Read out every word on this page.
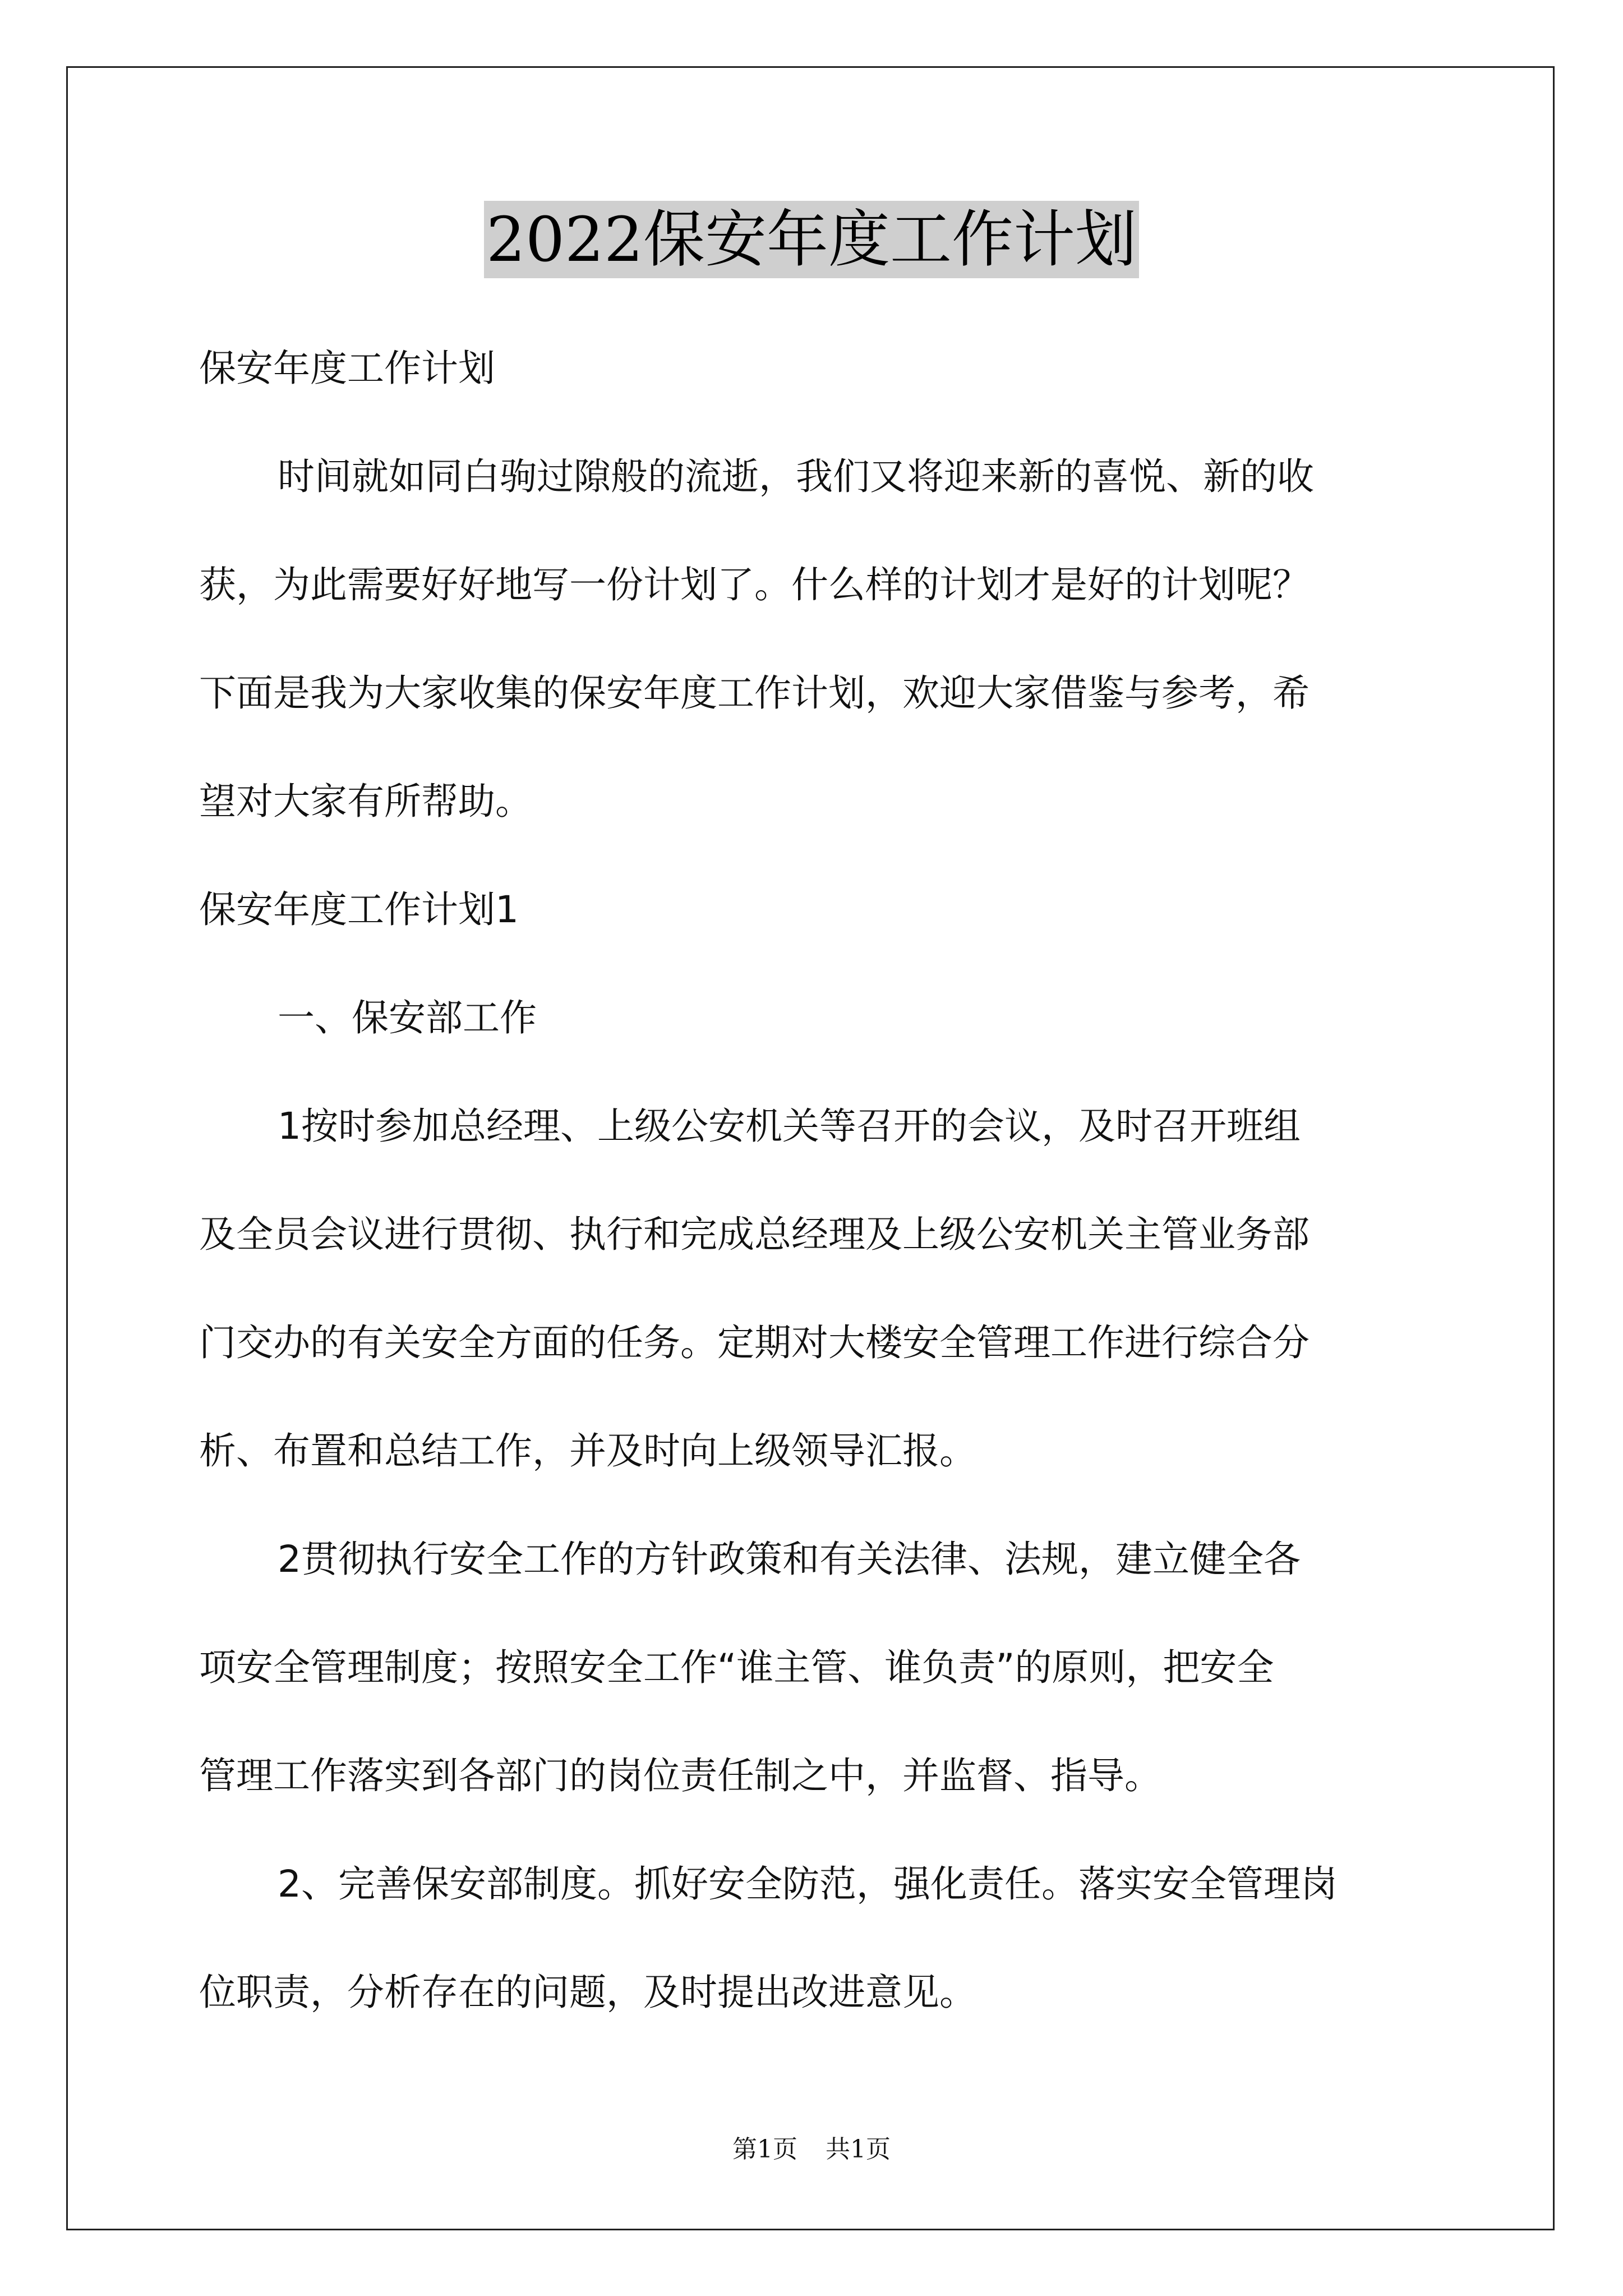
2022保安年度工作计划

保安年度工作计划

时间就如同白驹过隙般的流逝，我们又将迎来新的喜悦、新的收

获，为此需要好好地写一份计划了。什么样的计划才是好的计划呢？

下面是我为大家收集的保安年度工作计划，欢迎大家借鉴与参考，希

望对大家有所帮助。

保安年度工作计划1

一、保安部工作

1按时参加总经理、上级公安机关等召开的会议，及时召开班组

及全员会议进行贯彻、执行和完成总经理及上级公安机关主管业务部

门交办的有关安全方面的任务。定期对大楼安全管理工作进行综合分

析、布置和总结工作，并及时向上级领导汇报。

2贯彻执行安全工作的方针政策和有关法律、法规，建立健全各

项安全管理制度；按照安全工作“谁主管、谁负责”的原则，把安全

管理工作落实到各部门的岗位责任制之中，并监督、指导。

2、完善保安部制度。抓好安全防范，强化责任。落实安全管理岗

位职责，分析存在的问题，及时提出改进意见。

第1页 共1页
